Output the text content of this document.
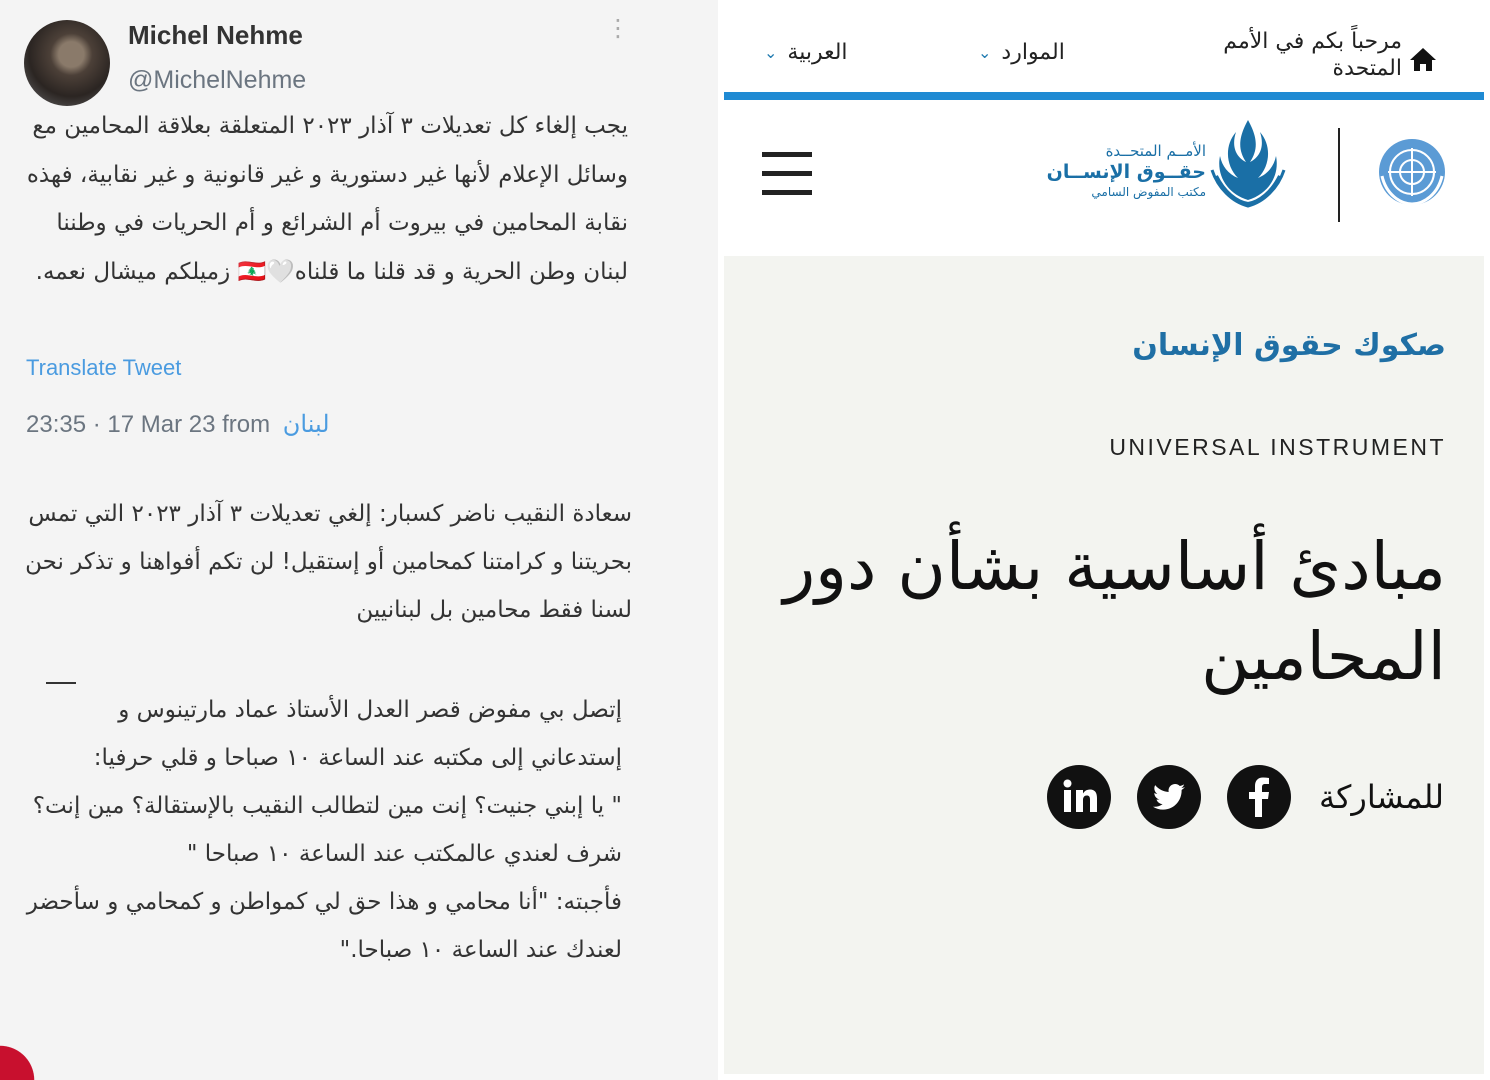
Michel Nehme
@MichelNehme
⋮
يجب إلغاء كل تعديلات ٣ آذار ٢٠٢٣ المتعلقة بعلاقة المحامين مع وسائل الإعلام لأنها غير دستورية و غير قانونية و غير نقابية، فهذه نقابة المحامين في بيروت أم الشرائع و أم الحريات في وطننا لبنان وطن الحرية و قد قلنا ما قلناه🤍🇱🇧 زميلكم ميشال نعمه.
Translate Tweet
23:35 · 17 Mar 23 from لبنان
سعادة النقيب ناضر كسبار: إلغي تعديلات ٣ آذار ٢٠٢٣ التي تمس بحريتنا و كرامتنا كمحامين أو إستقيل! لن تكم أفواهنا و تذكر نحن لسنا فقط محامين بل لبنانيين
إتصل بي مفوض قصر العدل الأستاذ عماد مارتينوس و إستدعاني إلى مكتبه عند الساعة ١٠ صباحا و قلي حرفيا:
" يا إبني جنيت؟ إنت مين لتطالب النقيب بالإستقالة؟ مين إنت؟ شرف لعندي عالمكتب عند الساعة ١٠ صباحا "
فأجبته: "أنا محامي و هذا حق لي كمواطن و كمحامي و سأحضر لعندك عند الساعة ١٠ صباحا."
العربية
⌄	الموارد
⌄	مرحباً بكم في الأمم المتحدة
الأمــم المتحــدة
حقــوق الإنســان
مكتب المفوض السامي
صكوك حقوق الإنسان
UNIVERSAL INSTRUMENT
مبادئ أساسية بشأن دور المحامين
للمشاركة
